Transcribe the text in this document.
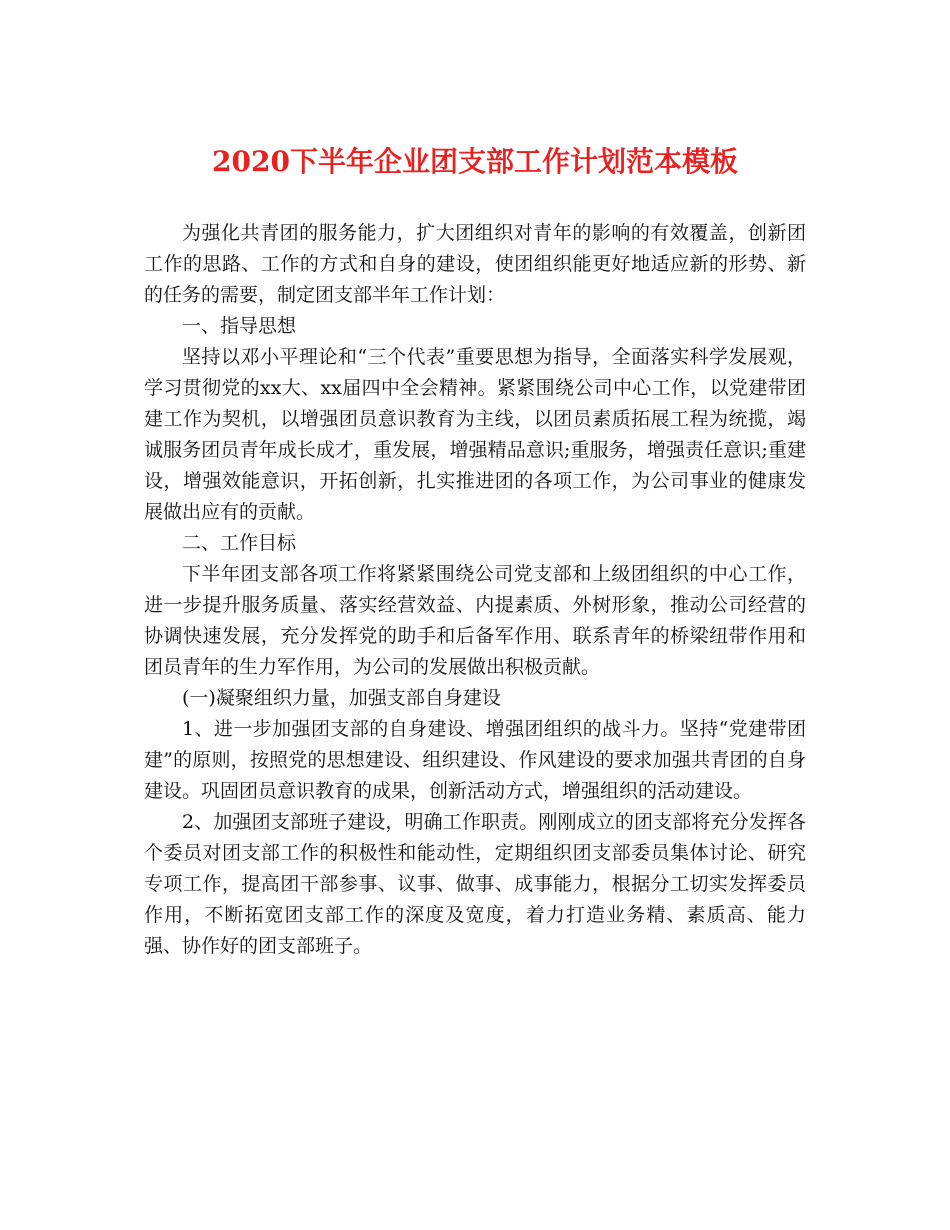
2020下半年企业团支部工作计划范本模板

为强化共青团的服务能力，扩大团组织对青年的影响的有效覆盖，创新团工作的思路、工作的方式和自身的建设，使团组织能更好地适应新的形势、新的任务的需要，制定团支部半年工作计划：

一、指导思想

坚持以邓小平理论和“三个代表”重要思想为指导，全面落实科学发展观，学习贯彻党的xx大、xx届四中全会精神。紧紧围绕公司中心工作，以党建带团建工作为契机，以增强团员意识教育为主线，以团员素质拓展工程为统揽，竭诚服务团员青年成长成才，重发展，增强精品意识;重服务，增强责任意识;重建设，增强效能意识，开拓创新，扎实推进团的各项工作，为公司事业的健康发展做出应有的贡献。

二、工作目标

下半年团支部各项工作将紧紧围绕公司党支部和上级团组织的中心工作，进一步提升服务质量、落实经营效益、内提素质、外树形象，推动公司经营的协调快速发展，充分发挥党的助手和后备军作用、联系青年的桥梁纽带作用和团员青年的生力军作用，为公司的发展做出积极贡献。

(一)凝聚组织力量，加强支部自身建设

1、进一步加强团支部的自身建设、增强团组织的战斗力。坚持“党建带团建”的原则，按照党的思想建设、组织建设、作风建设的要求加强共青团的自身建设。巩固团员意识教育的成果，创新活动方式，增强组织的活动建设。

2、加强团支部班子建设，明确工作职责。刚刚成立的团支部将充分发挥各个委员对团支部工作的积极性和能动性，定期组织团支部委员集体讨论、研究专项工作，提高团干部参事、议事、做事、成事能力，根据分工切实发挥委员作用，不断拓宽团支部工作的深度及宽度，着力打造业务精、素质高、能力强、协作好的团支部班子。
